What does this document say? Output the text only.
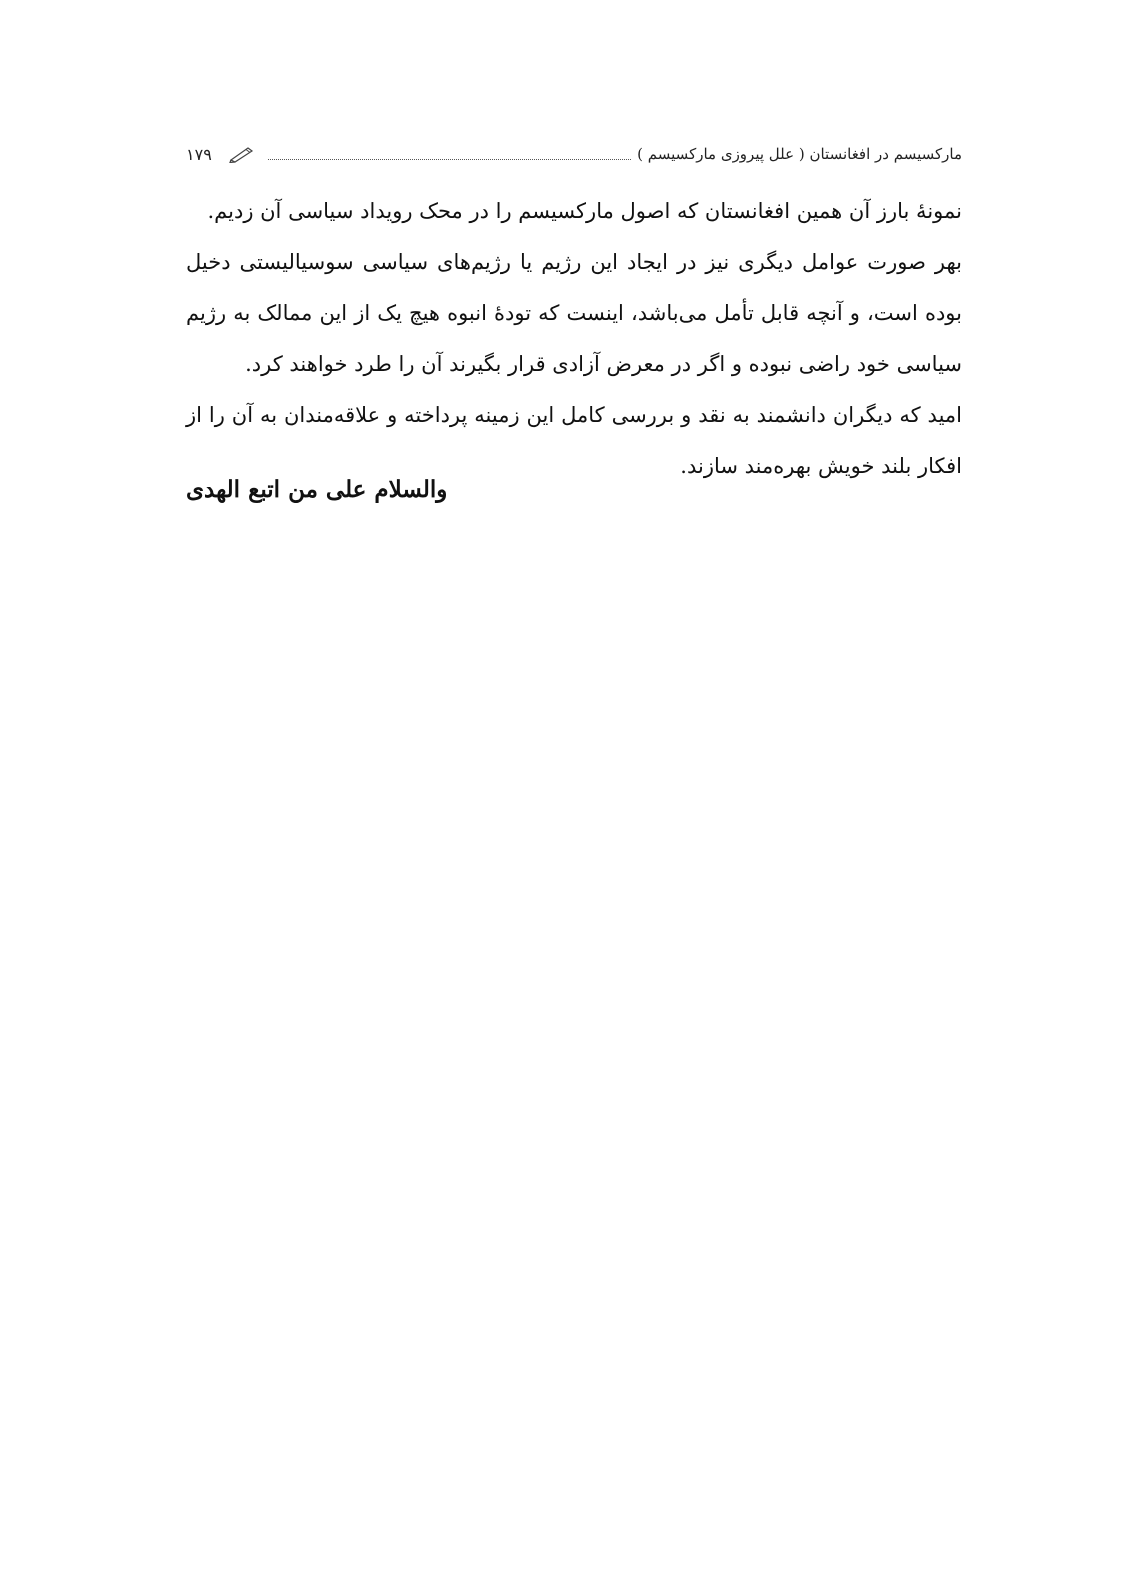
مارکسیسم در افغانستان ( علل پیروزی مارکسیسم )
۱۷۹

نمونۀ بارز آن همین افغانستان که اصول مارکسیسم را در محک رویداد سیاسی آن زدیم.

بهر صورت عوامل دیگری نیز در ایجاد این رژیم یا رژیم‌های سیاسی سوسیالیستی دخیل بوده است، و آنچه قابل تأمل می‌باشد، اینست که تودۀ انبوه هیچ یک از این ممالک به رژیم سیاسی خود راضی نبوده و اگر در معرض آزادی قرار بگیرند آن را طرد خواهند کرد.

امید که دیگران دانشمند به نقد و بررسی کامل این زمینه پرداخته و علاقه‌مندان به آن را از افکار بلند خویش بهره‌مند سازند.

والسلام علی من اتبع الهدی
